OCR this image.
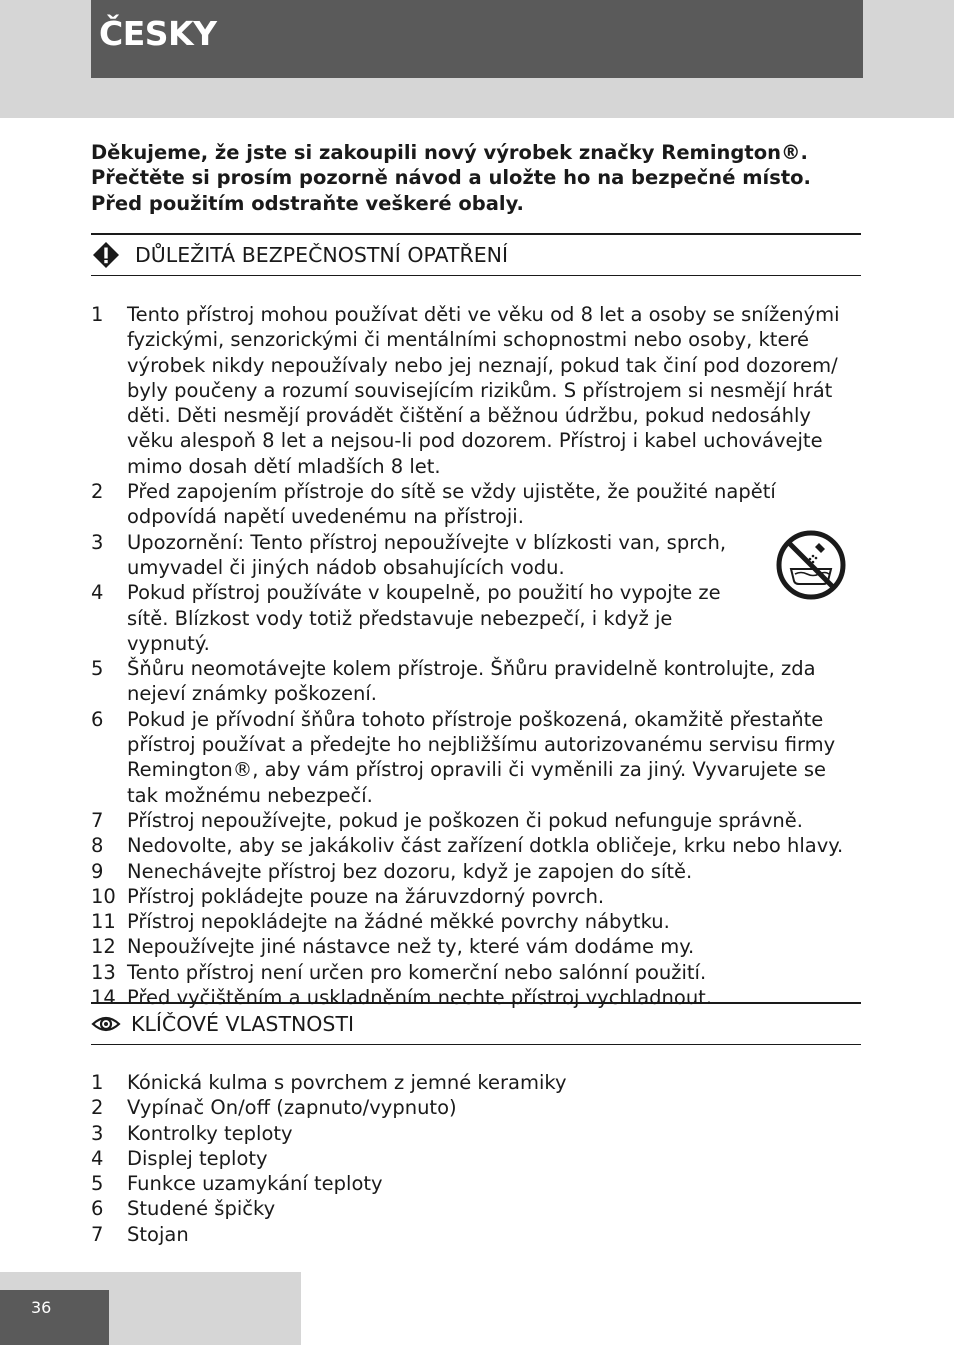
ČESKY

Děkujeme, že jste si zakoupili nový výrobek značky Remington®. Přečtěte si prosím pozorně návod a uložte ho na bezpečné místo. Před použitím odstraňte veškeré obaly.

DŮLEŽITÁ BEZPEČNOSTNÍ OPATŘENÍ
1 Tento přístroj mohou používat děti ve věku od 8 let a osoby se sníženými fyzickými, senzorickými či mentálními schopnostmi nebo osoby, které výrobek nikdy nepoužívaly nebo jej neznají, pokud tak činí pod dozorem/ byly poučeny a rozumí souvisejícím rizikům. S přístrojem si nesmějí hrát děti. Děti nesmějí provádět čištění a běžnou údržbu, pokud nedosáhly věku alespoň 8 let a nejsou-li pod dozorem. Přístroj i kabel uchovávejte mimo dosah dětí mladších 8 let.
2 Před zapojením přístroje do sítě se vždy ujistěte, že použité napětí odpovídá napětí uvedenému na přístroji.
3 Upozornění: Tento přístroj nepoužívejte v blízkosti van, sprch, umyvadel či jiných nádob obsahujících vodu.
4 Pokud přístroj používáte v koupelně, po použití ho vypojte ze sítě. Blízkost vody totiž představuje nebezpečí, i když je vypnutý.
5 Šňůru neomotávejte kolem přístroje. Šňůru pravidelně kontrolujte, zda nejeví známky poškození.
6 Pokud je přívodní šňůra tohoto přístroje poškozená, okamžitě přestaňte přístroj používat a předejte ho nejbližšímu autorizovanému servisu firmy Remington®, aby vám přístroj opravili či vyměnili za jiný. Vyvarujete se tak možnému nebezpečí.
7 Přístroj nepoužívejte, pokud je poškozen či pokud nefunguje správně.
8 Nedovolte, aby se jakákoliv část zařízení dotkla obličeje, krku nebo hlavy.
9 Nenechávejte přístroj bez dozoru, když je zapojen do sítě.
10 Přístroj pokládejte pouze na žáruvzdorný povrch.
11 Přístroj nepokládejte na žádné měkké povrchy nábytku.
12 Nepoužívejte jiné nástavce než ty, které vám dodáme my.
13 Tento přístroj není určen pro komerční nebo salónní použití.
14 Před vyčištěním a uskladněním nechte přístroj vychladnout.
KLÍČOVÉ VLASTNOSTI
1 Kónická kulma s povrchem z jemné keramiky
2 Vypínač On/off (zapnuto/vypnuto)
3 Kontrolky teploty
4 Displej teploty
5 Funkce uzamykání teploty
6 Studené špičky
7 Stojan
36
